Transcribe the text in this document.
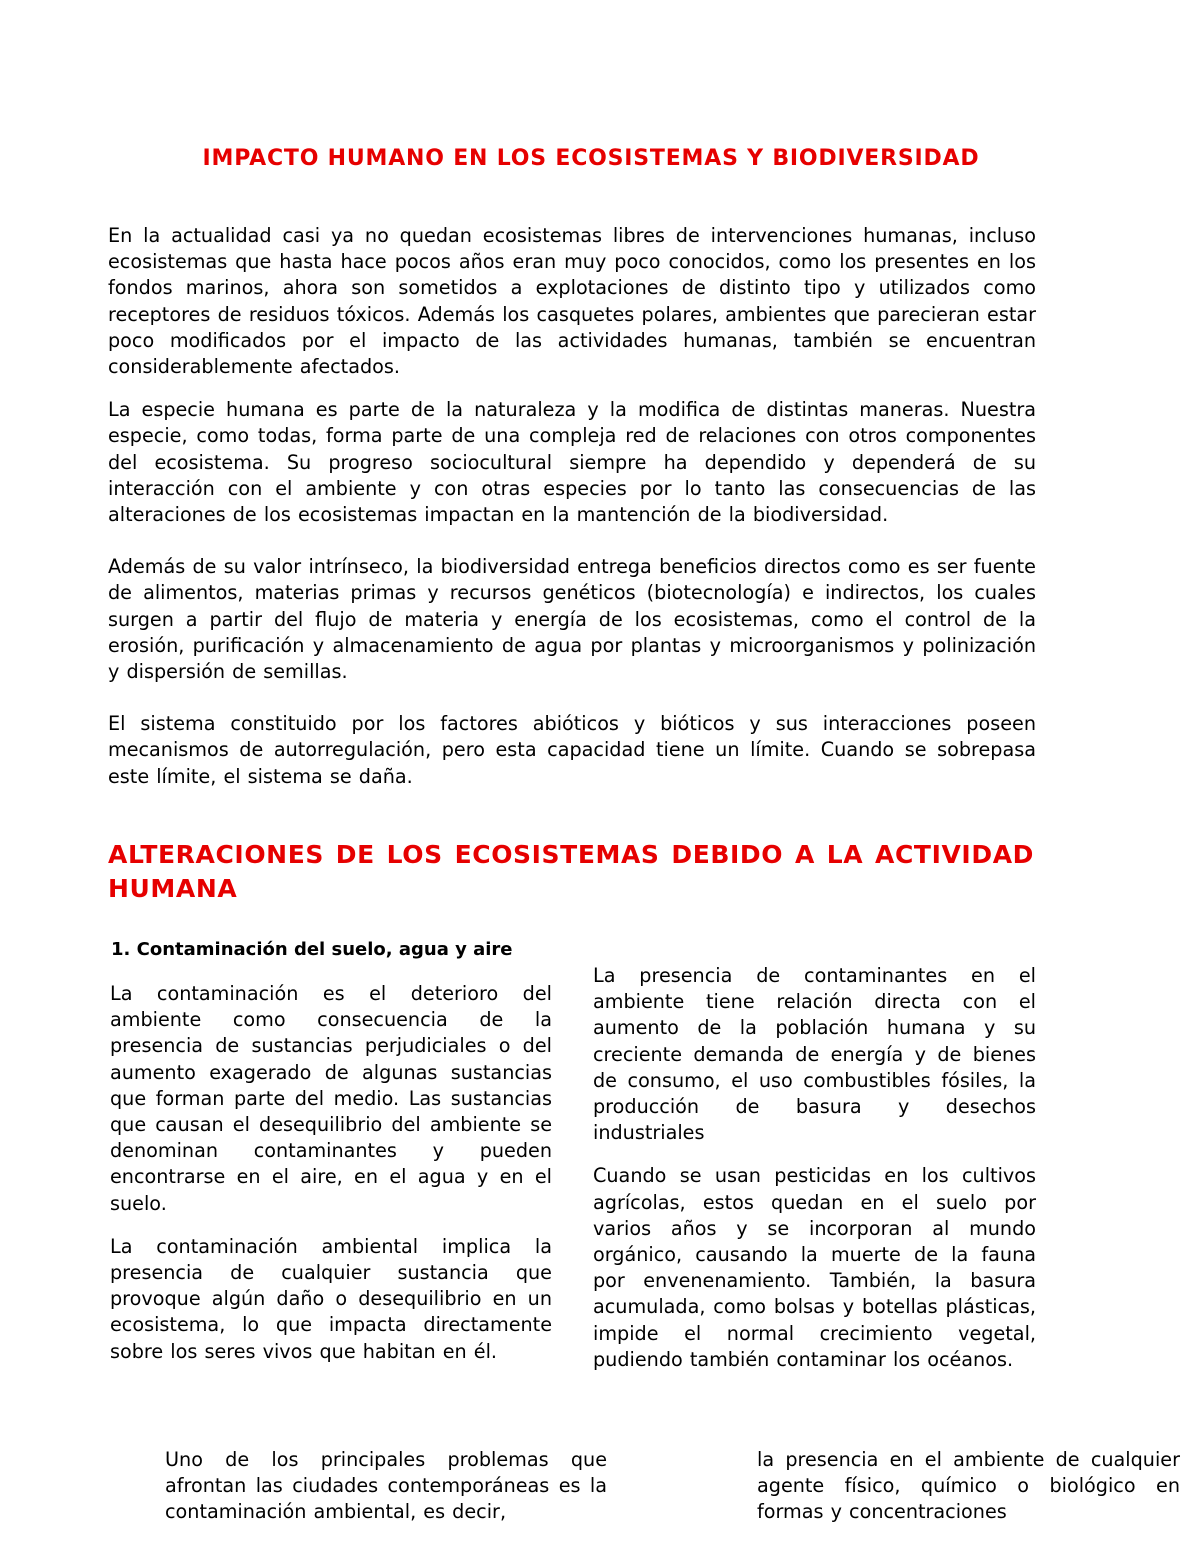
IMPACTO HUMANO EN LOS ECOSISTEMAS Y BIODIVERSIDAD

En la actualidad casi ya no quedan ecosistemas libres de intervenciones humanas, incluso ecosistemas que hasta hace pocos años eran muy poco conocidos, como los presentes en los fondos marinos, ahora son sometidos a explotaciones de distinto tipo y utilizados como receptores de residuos tóxicos. Además los casquetes polares, ambientes que parecieran estar poco modificados por el impacto de las actividades humanas, también se encuentran considerablemente afectados.

La especie humana es parte de la naturaleza y la modifica de distintas maneras. Nuestra especie, como todas, forma parte de una compleja red de relaciones con otros componentes del ecosistema. Su progreso sociocultural siempre ha dependido y dependerá de su interacción con el ambiente y con otras especies por lo tanto las consecuencias de las alteraciones de los ecosistemas impactan en la mantención de la biodiversidad.

Además de su valor intrínseco, la biodiversidad entrega beneficios directos como es ser fuente de alimentos, materias primas y recursos genéticos (biotecnología) e indirectos, los cuales surgen a partir del flujo de materia y energía de los ecosistemas, como el control de la erosión, purificación y almacenamiento de agua por plantas y microorganismos y polinización y dispersión de semillas.

El sistema constituido por los factores abióticos y bióticos y sus interacciones poseen mecanismos de autorregulación, pero esta capacidad tiene un límite. Cuando se sobrepasa este límite, el sistema se daña.

ALTERACIONES DE LOS ECOSISTEMAS DEBIDO A LA ACTIVIDAD HUMANA
1. Contaminación del suelo, agua y aire

La contaminación es el deterioro del ambiente como consecuencia de la presencia de sustancias perjudiciales o del aumento exagerado de algunas sustancias que forman parte del medio. Las sustancias que causan el desequilibrio del ambiente se denominan contaminantes y pueden encontrarse en el aire, en el agua y en el suelo.

La contaminación ambiental implica la presencia de cualquier sustancia que provoque algún daño o desequilibrio en un ecosistema, lo que impacta directamente sobre los seres vivos que habitan en él.

La presencia de contaminantes en el ambiente tiene relación directa con el aumento de la población humana y su creciente demanda de energía y de bienes de consumo, el uso combustibles fósiles, la producción de basura y desechos industriales

Cuando se usan pesticidas en los cultivos agrícolas, estos quedan en el suelo por varios años y se incorporan al mundo orgánico, causando la muerte de la fauna por envenenamiento. También, la basura acumulada, como bolsas y botellas plásticas, impide el normal crecimiento vegetal, pudiendo también contaminar los océanos.

Uno de los principales problemas que afrontan las ciudades contemporáneas es la contaminación ambiental, es decir,

la presencia en el ambiente de cualquier agente físico, químico o biológico en formas y concentraciones
